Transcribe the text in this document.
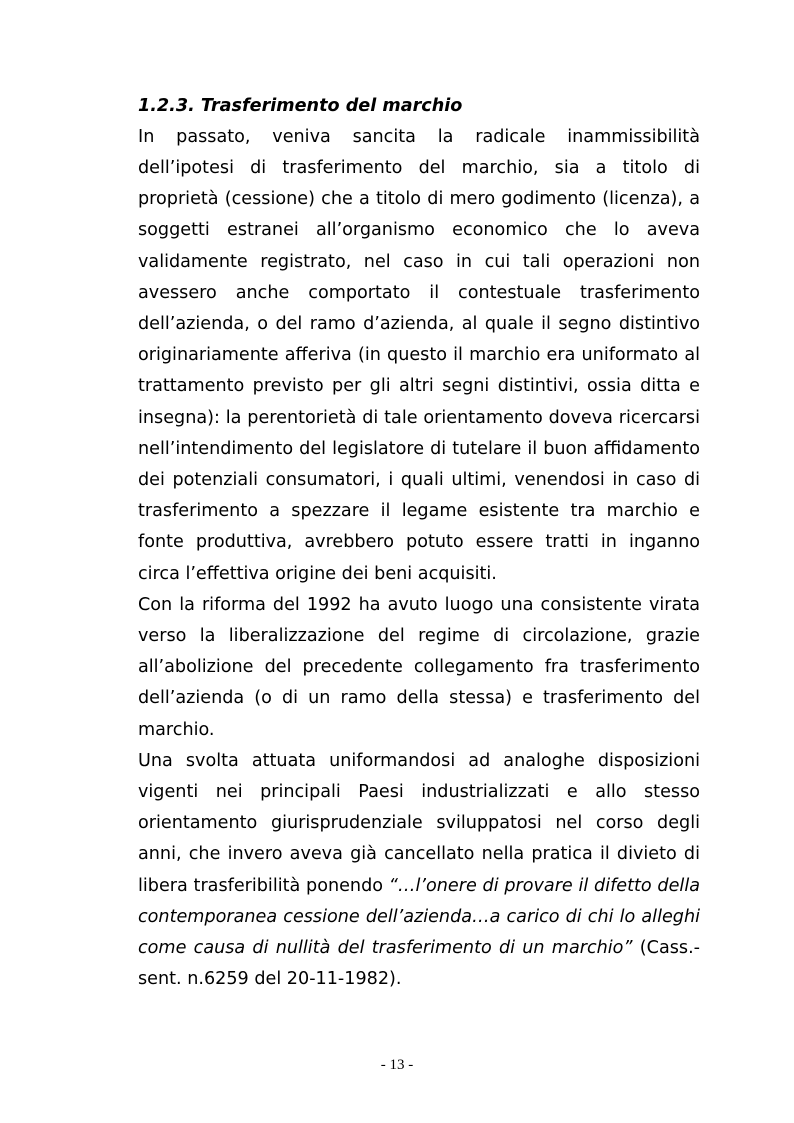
1.2.3. Trasferimento del marchio

In passato, veniva sancita la radicale inammissibilità dell’ipotesi di trasferimento del marchio, sia a titolo di proprietà (cessione) che a titolo di mero godimento (licenza), a soggetti estranei all’organismo economico che lo aveva validamente registrato, nel caso in cui tali operazioni non avessero anche comportato il contestuale trasferimento dell’azienda, o del ramo d’azienda, al quale il segno distintivo originariamente afferiva (in questo il marchio era uniformato al trattamento previsto per gli altri segni distintivi, ossia ditta e insegna): la perentorietà di tale orientamento doveva ricercarsi nell’intendimento del legislatore di tutelare il buon affidamento dei potenziali consumatori, i quali ultimi, venendosi in caso di trasferimento a spezzare il legame esistente tra marchio e fonte produttiva, avrebbero potuto essere tratti in inganno circa l’effettiva origine dei beni acquisiti.

Con la riforma del 1992 ha avuto luogo una consistente virata verso la liberalizzazione del regime di circolazione, grazie all’abolizione del precedente collegamento fra trasferimento dell’azienda (o di un ramo della stessa) e trasferimento del marchio.

Una svolta attuata uniformandosi ad analoghe disposizioni vigenti nei principali Paesi industrializzati e allo stesso orientamento giurisprudenziale sviluppatosi nel corso degli anni, che invero aveva già cancellato nella pratica il divieto di libera trasferibilità ponendo “…l’onere di provare il difetto della contemporanea cessione dell’azienda…a carico di chi lo alleghi come causa di nullità del trasferimento di un marchio” (Cass.-sent. n.6259 del 20-11-1982).

- 13 -
